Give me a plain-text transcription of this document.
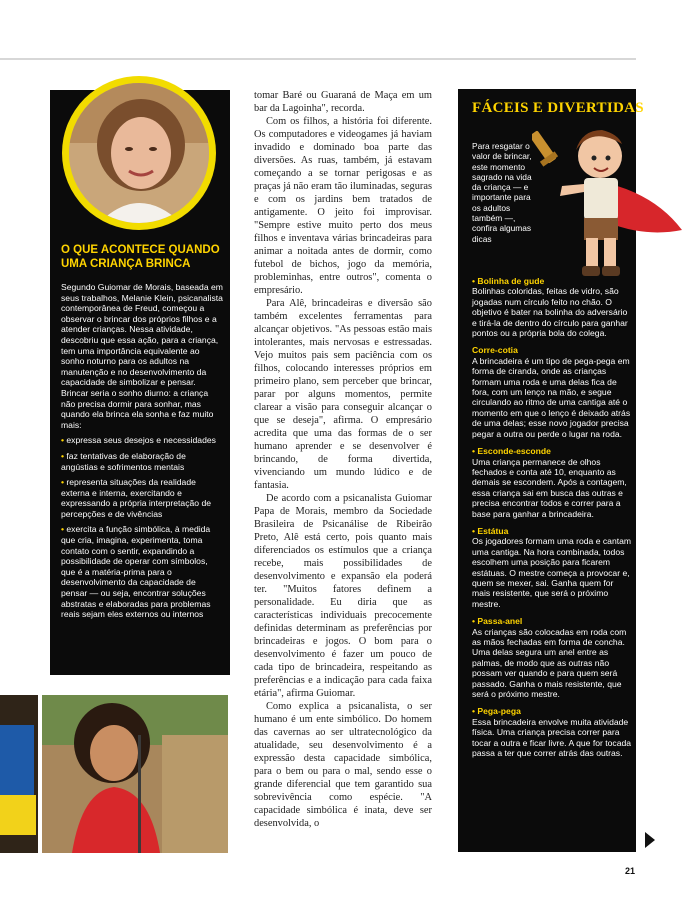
O QUE ACONTECE QUANDO UMA CRIANÇA BRINCA

Segundo Guiomar de Morais, baseada em seus trabalhos, Melanie Klein, psicanalista contemporânea de Freud, começou a observar o brincar dos próprios filhos e a atender crianças. Nessa atividade, descobriu que essa ação, para a criança, tem uma importância equivalente ao sonho noturno para os adultos na manutenção e no desenvolvimento da capacidade de simbolizar e pensar. Brincar seria o sonho diurno: a criança não precisa dormir para sonhar, mas quando ela brinca ela sonha e faz muito mais:

• expressa seus desejos e necessidades

• faz tentativas de elaboração de angústias e sofrimentos mentais

• representa situações da realidade externa e interna, exercitando e expressando a própria interpretação de percepções e de vivências

• exercita a função simbólica, à medida que cria, imagina, experimenta, toma contato com o sentir, expandindo a possibilidade de operar com símbolos, que é a matéria-prima para o desenvolvimento da capacidade de pensar — ou seja, encontrar soluções abstratas e elaboradas para problemas reais sejam eles externos ou internos

tomar Baré ou Guaraná de Maça em um bar da Lagoinha", recorda.

Com os filhos, a história foi diferente. Os computadores e videogames já haviam invadido e dominado boa parte das diversões. As ruas, também, já estavam começando a se tornar perigosas e as praças já não eram tão iluminadas, seguras e com os jardins bem tratados de antigamente. O jeito foi improvisar. "Sempre estive muito perto dos meus filhos e inventava várias brincadeiras para animar a noitada antes de dormir, como futebol de bichos, jogo da memória, probleminhas, entre outros", comenta o empresário.

Para Alê, brincadeiras e diversão são também excelentes ferramentas para alcançar objetivos. "As pessoas estão mais intolerantes, mais nervosas e estressadas. Vejo muitos pais sem paciência com os filhos, colocando interesses próprios em primeiro plano, sem perceber que brincar, parar por alguns momentos, permite clarear a visão para conseguir alcançar o que se deseja", afirma. O empresário acredita que uma das formas de o ser humano aprender e se desenvolver é brincando, de forma divertida, vivenciando um mundo lúdico e de fantasia.

De acordo com a psicanalista Guiomar Papa de Morais, membro da Sociedade Brasileira de Psicanálise de Ribeirão Preto, Alê está certo, pois quanto mais diferenciados os estímulos que a criança recebe, mais possibilidades de desenvolvimento e expansão ela poderá ter. "Muitos fatores definem a personalidade. Eu diria que as características individuais precocemente definidas determinam as preferências por brincadeiras e jogos. O bom para o desenvolvimento é fazer um pouco de cada tipo de brincadeira, respeitando as preferências e a indicação para cada faixa etária", afirma Guiomar.

Como explica a psicanalista, o ser humano é um ente simbólico. Do homem das cavernas ao ser ultratecnológico da atualidade, seu desenvolvimento é a expressão desta capacidade simbólica, para o bem ou para o mal, sendo esse o grande diferencial que tem garantido sua sobrevivência como espécie. "A capacidade simbólica é inata, deve ser desenvolvida, o

FÁCEIS E DIVERTIDAS
Para resgatar o valor de brincar, este momento sagrado na vida da criança — e importante para os adultos também —, confira algumas dicas
• Bolinha de gude
Bolinhas coloridas, feitas de vidro, são jogadas num círculo feito no chão. O objetivo é bater na bolinha do adversário e tirá-la de dentro do círculo para ganhar pontos ou a própria bola do colega.
Corre-cotia
A brincadeira é um tipo de pega-pega em forma de ciranda, onde as crianças formam uma roda e uma delas fica de fora, com um lenço na mão, e segue circulando ao ritmo de uma cantiga até o momento em que o lenço é deixado atrás de uma delas; esse novo jogador precisa pegar a outra ou perde o lugar na roda.
• Esconde-esconde
Uma criança permanece de olhos fechados e conta até 10, enquanto as demais se escondem. Após a contagem, essa criança sai em busca das outras e precisa encontrar todos e correr para a base para ganhar a brincadeira.
• Estátua
Os jogadores formam uma roda e cantam uma cantiga. Na hora combinada, todos escolhem uma posição para ficarem estátuas. O mestre começa a provocar e, quem se mexer, sai. Ganha quem for mais resistente, que será o próximo mestre.
• Passa-anel
As crianças são colocadas em roda com as mãos fechadas em forma de concha. Uma delas segura um anel entre as palmas, de modo que as outras não possam ver quando e para quem será passado. Ganha o mais resistente, que será o próximo mestre.
• Pega-pega
Essa brincadeira envolve muita atividade física. Uma criança precisa correr para tocar a outra e ficar livre. A que for tocada passa a ter que correr atrás das outras.
21
